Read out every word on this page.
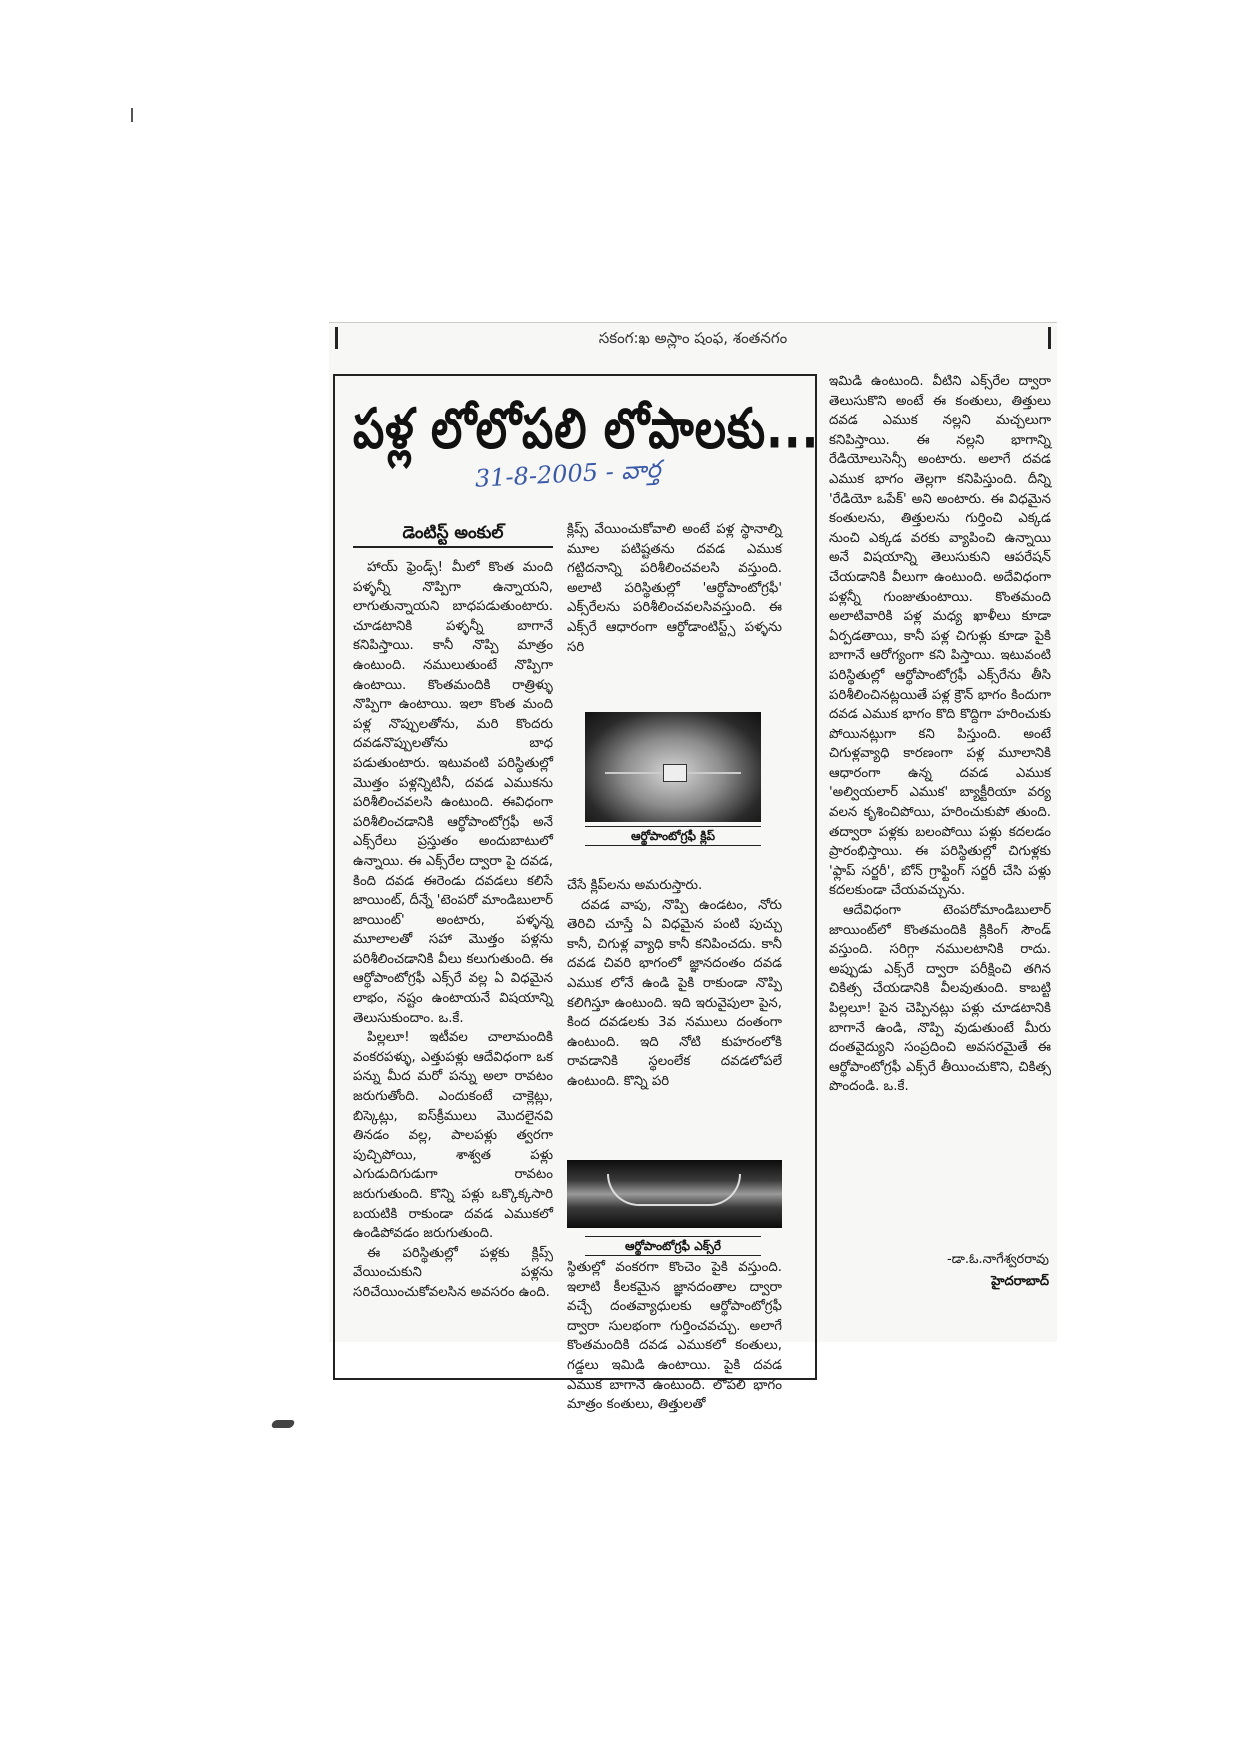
సకంగ:ఖ అస్లాం షంఫ, శంతనగం
పళ్ల లోలోపలి లోపాలకు...
31-8-2005 - వార్త
డెంటిస్ట్ అంకుల్

హాయ్ ఫ్రెండ్స్! మీలో కొంత మంది పళ్ళన్నీ నొప్పిగా ఉన్నాయని, లాగుతున్నాయని బాధపడుతుంటారు. చూడటానికి పళ్ళన్నీ బాగానే కనిపిస్తాయి. కానీ నొప్పి మాత్రం ఉంటుంది. నములుతుంటే నొప్పిగా ఉంటాయి. కొంతమందికి రాత్రిళ్ళు నొప్పిగా ఉంటాయి. ఇలా కొంత మంది పళ్ల నొప్పులతోను, మరి కొందరు దవడనొప్పులతోను బాధ పడుతుంటారు. ఇటువంటి పరిస్థితుల్లో మొత్తం పళ్లన్నిటినీ, దవడ ఎముకను పరిశీలించవలసి ఉంటుంది. ఈవిధంగా పరిశీలించడానికి ఆర్థోపాంటోగ్రఫీ అనే ఎక్స్‌రేలు ప్రస్తుతం అందుబాటులో ఉన్నాయి. ఈ ఎక్స్‌రేల ద్వారా పై దవడ, కింది దవడ ఈరెండు దవడలు కలిసే జాయింట్, దీన్నే 'టెంపరో మాండిబులార్ జాయింట్' అంటారు, పళ్ళన్న మూలాలతో సహా మొత్తం పళ్లను పరిశీలించడానికి వీలు కలుగుతుంది. ఈ ఆర్థోపాంటోగ్రఫీ ఎక్స్‌రే వల్ల ఏ విధమైన లాభం, నష్టం ఉంటాయనే విషయాన్ని తెలుసుకుందాం. ఒ.కే.

పిల్లలూ! ఇటీవల చాలామందికి వంకరపళ్ళు, ఎత్తుపళ్లు ఆదేవిధంగా ఒక పన్ను మీద మరో పన్ను అలా రావటం జరుగుతోంది. ఎందుకంటే చాక్లెట్లు, బిస్కెట్లు, ఐస్‌క్రీములు మొదలైనవి తినడం వల్ల, పాలపళ్లు త్వరగా పుచ్చిపోయి, శాశ్వత పళ్లు ఎగుడుదిగుడుగా రావటం జరుగుతుంది. కొన్ని పళ్లు ఒక్కొక్కసారి బయటికి రాకుండా దవడ ఎముకలో ఉండిపోవడం జరుగుతుంది.

ఈ పరిస్థితుల్లో పళ్లకు క్లిప్స్ వేయించుకుని పళ్లను సరిచేయించుకోవలసిన అవసరం ఉంది.

క్లిప్స్ వేయించుకోవాలి అంటే పళ్ల స్థానాల్ని మూల పటిష్టతను దవడ ఎముక గట్టిదనాన్ని పరిశీలించవలసి వస్తుంది. అలాటి పరిస్థితుల్లో 'ఆర్థోపాంటోగ్రఫీ' ఎక్స్‌రేలను పరిశీలించవలసివస్తుంది. ఈ ఎక్స్‌రే ఆధారంగా ఆర్థోడాంటిస్ట్స్ పళ్ళను సరి

ఆర్థోపాంటోగ్రఫీ క్లిప్

చేసే క్లిప్‌లను అమరుస్తారు.

దవడ వాపు, నొప్పి ఉండటం, నోరు తెరిచి చూస్తే ఏ విధమైన పంటి పుచ్చు కానీ, చిగుళ్ల వ్యాధి కానీ కనిపించదు. కానీ దవడ చివరి భాగంలో జ్ఞానదంతం దవడ ఎముక లోనే ఉండి పైకి రాకుండా నొప్పి కలిగిస్తూ ఉంటుంది. ఇది ఇరువైపులా పైన, కింద దవడలకు 3వ నములు దంతంగా ఉంటుంది. ఇది నోటి కుహరంలోకి రావడానికి స్థలంలేక దవడలోపలే ఉంటుంది. కొన్ని పరి

ఆర్థోపాంటోగ్రఫీ ఎక్స్‌రే

స్థితుల్లో వంకరగా కొంచెం పైకి వస్తుంది. ఇలాటి కీలకమైన జ్ఞానదంతాల ద్వారా వచ్చే దంతవ్యాధులకు ఆర్థోపాంటోగ్రఫీ ద్వారా సులభంగా గుర్తించవచ్చు. అలాగే కొంతమందికి దవడ ఎముకలో కంతులు, గడ్డలు ఇమిడి ఉంటాయి. పైకి దవడ ఎముక బాగానే ఉంటుంది. లోపలి భాగం మాత్రం కంతులు, తిత్తులతో

ఇమిడి ఉంటుంది. వీటిని ఎక్స్‌రేల ద్వారా తెలుసుకొని అంటే ఈ కంతులు, తిత్తులు దవడ ఎముక నల్లని మచ్చలుగా కనిపిస్తాయి. ఈ నల్లని భాగాన్ని రేడియోలుసెన్సీ అంటారు. అలాగే దవడ ఎముక భాగం తెల్లగా కనిపిస్తుంది. దీన్ని 'రేడియో ఒపేక్' అని అంటారు. ఈ విధమైన కంతులను, తిత్తులను గుర్తించి ఎక్కడ నుంచి ఎక్కడ వరకు వ్యాపించి ఉన్నాయి అనే విషయాన్ని తెలుసుకుని ఆపరేషన్ చేయడానికి వీలుగా ఉంటుంది. అదేవిధంగా పళ్లన్నీ గుంజుతుంటాయి. కొంతమంది అలాటివారికి పళ్ల మధ్య ఖాళీలు కూడా ఏర్పడతాయి, కానీ పళ్ల చిగుళ్లు కూడా పైకి బాగానే ఆరోగ్యంగా కని పిస్తాయి. ఇటువంటి పరిస్థితుల్లో ఆర్థోపాంటోగ్రఫీ ఎక్స్‌రేను తీసి పరిశీలించినట్లయితే పళ్ల క్రౌన్ భాగం కిందుగా దవడ ఎముక భాగం కొది కొద్దిగా హరించుకు పోయినట్లుగా కని పిస్తుంది. అంటే చిగుళ్లవ్యాధి కారణంగా పళ్ల మూలానికి ఆధారంగా ఉన్న దవడ ఎముక 'అల్వియలార్ ఎముక' బ్యాక్టీరియా వర్య వలన కృశించిపోయి, హరించుకుపో తుంది. తద్వారా పళ్లకు బలంపోయి పళ్లు కదలడం ప్రారంభిస్తాయి. ఈ పరిస్థితుల్లో చిగుళ్లకు 'ఫ్లాప్ సర్జరీ', బోన్ గ్రాఫ్టింగ్ సర్జరీ చేసి పళ్లు కదలకుండా చేయవచ్చును.

ఆదేవిధంగా టెంపరోమాండిబులార్ జాయింట్‌లో కొంతమందికి క్లికింగ్ సౌండ్ వస్తుంది. సరిగ్గా నములటానికి రాదు. అప్పుడు ఎక్స్‌రే ద్వారా పరీక్షించి తగిన చికిత్స చేయడానికి వీలవుతుంది. కాబట్టి పిల్లలూ! పైన చెప్పినట్లు పళ్లు చూడటానికి బాగానే ఉండి, నొప్పి వుడుతుంటే మీరు దంతవైద్యుని సంప్రదించి అవసరమైతే ఈ ఆర్థోపాంటోగ్రఫీ ఎక్స్‌రే తీయించుకొని, చికిత్స పొందండి. ఒ.కే.

-డా.ఓ.నాగేశ్వరరావు
హైదరాబాద్
